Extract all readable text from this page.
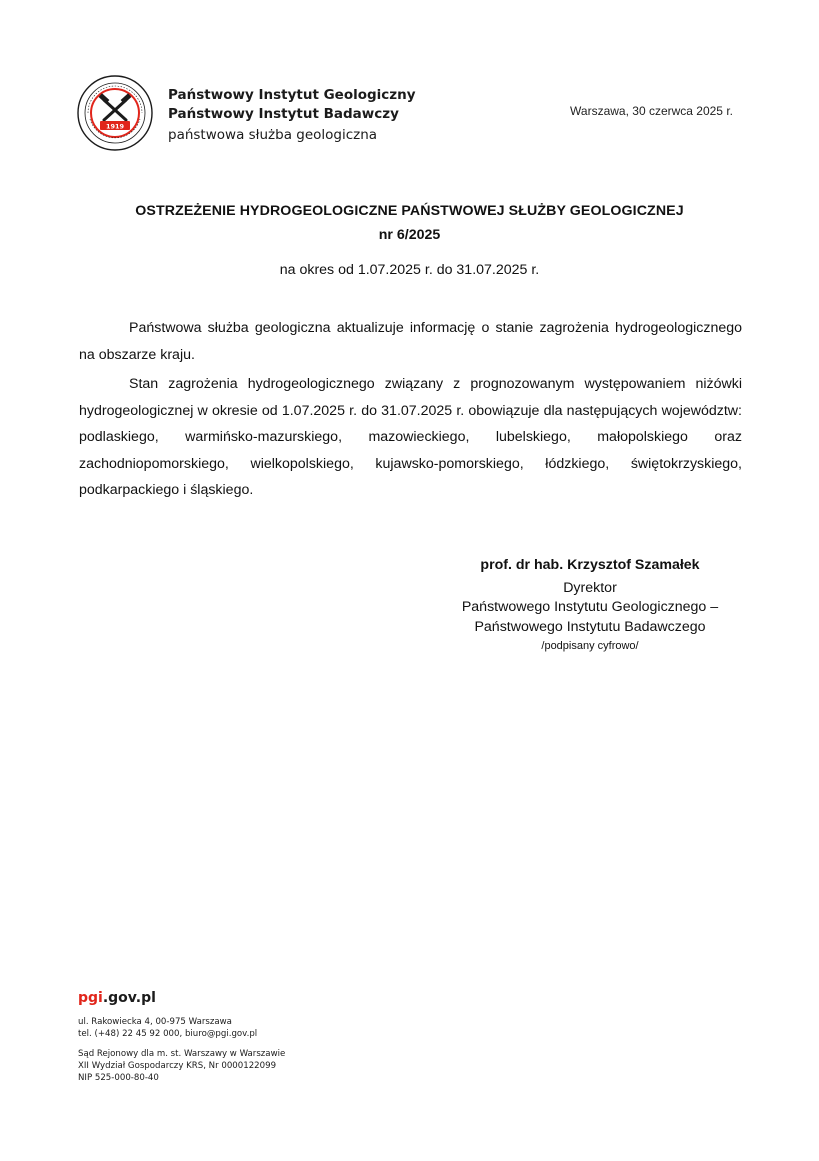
1919
Państwowy Instytut Geologiczny
Państwowy Instytut Badawczy
państwowa służba geologiczna
Warszawa, 30 czerwca 2025 r.
OSTRZEŻENIE HYDROGEOLOGICZNE PAŃSTWOWEJ SŁUŻBY GEOLOGICZNEJ
nr 6/2025
na okres od 1.07.2025 r. do 31.07.2025 r.

Państwowa służba geologiczna aktualizuje informację o stanie zagrożenia hydrogeologicznego na obszarze kraju.

Stan zagrożenia hydrogeologicznego związany z prognozowanym występowaniem niżówki hydrogeologicznej w okresie od 1.07.2025 r. do 31.07.2025 r. obowiązuje dla następujących województw: podlaskiego, warmińsko-mazurskiego, mazowieckiego, lubelskiego, małopolskiego oraz zachodniopomorskiego, wielkopolskiego, kujawsko-pomorskiego, łódzkiego, świętokrzyskiego, podkarpackiego i śląskiego.

prof. dr hab. Krzysztof Szamałek
Dyrektor
Państwowego Instytutu Geologicznego –
Państwowego Instytutu Badawczego
/podpisany cyfrowo/
pgi.gov.pl
ul. Rakowiecka 4, 00-975 Warszawa
tel. (+48) 22 45 92 000, biuro@pgi.gov.pl
Sąd Rejonowy dla m. st. Warszawy w Warszawie
XII Wydział Gospodarczy KRS, Nr 0000122099
NIP 525-000-80-40
